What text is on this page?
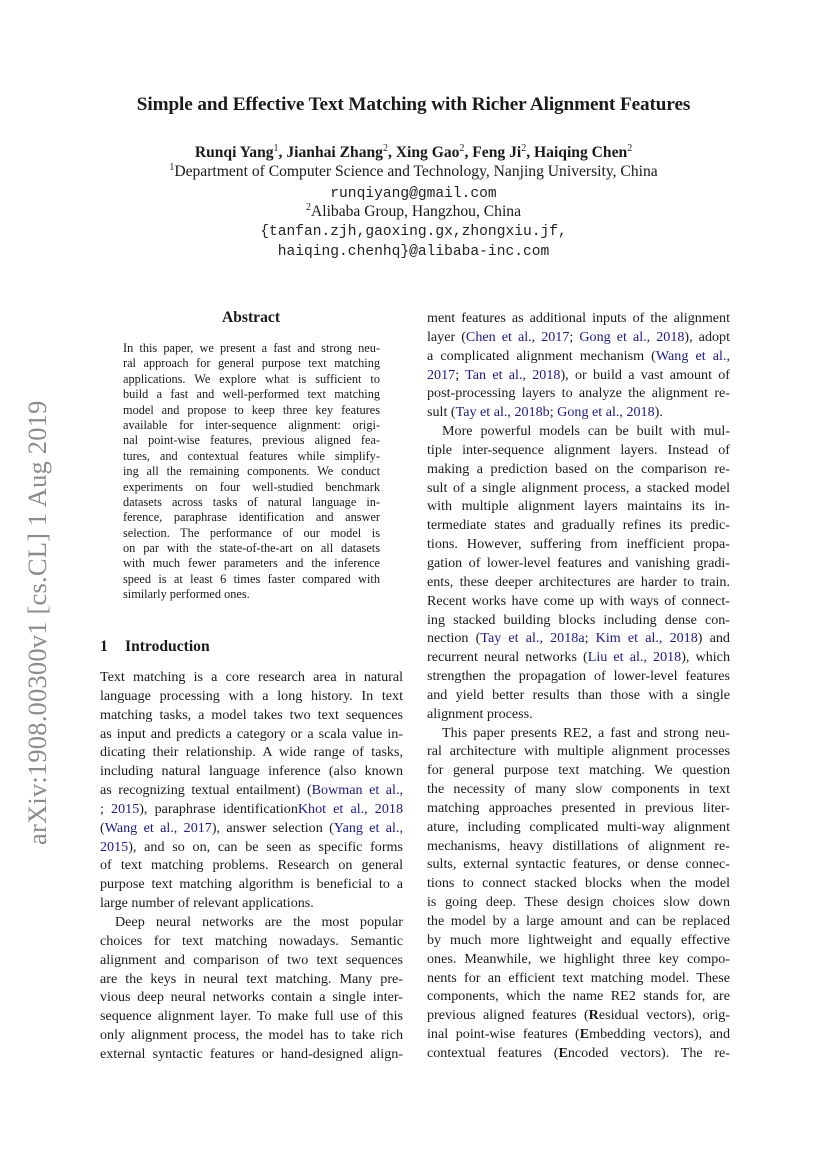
arXiv:1908.00300v1 [cs.CL] 1 Aug 2019
Simple and Effective Text Matching with Richer Alignment Features
Runqi Yang$^1$, Jianhai Zhang$^2$, Xing Gao$^2$, Feng Ji$^2$, Haiqing Chen$^2$
$^1$Department of Computer Science and Technology, Nanjing University, China
runqiyang@gmail.com
$^2$Alibaba Group, Hangzhou, China
{tanfan.zjh,gaoxing.gx,zhongxiu.jf,
haiqing.chenhq}@alibaba-inc.com
Abstract
In this paper, we present a fast and strong neu-
ral approach for general purpose text matching
applications. We explore what is sufficient to
build a fast and well-performed text matching
model and propose to keep three key features
available for inter-sequence alignment: origi-
nal point-wise features, previous aligned fea-
tures, and contextual features while simplify-
ing all the remaining components. We conduct
experiments on four well-studied benchmark
datasets across tasks of natural language in-
ference, paraphrase identification and answer
selection. The performance of our model is
on par with the state-of-the-art on all datasets
with much fewer parameters and the inference
speed is at least 6 times faster compared with
similarly performed ones.
1 Introduction
Text matching is a core research area in natural
language processing with a long history. In text
matching tasks, a model takes two text sequences
as input and predicts a category or a scala value in-
dicating their relationship. A wide range of tasks,
including natural language inference (also known
as recognizing textual entailment) (Bowman et al.,
; 2015), paraphrase identificationKhot et al., 2018
(Wang et al., 2017), answer selection (Yang et al.,
2015), and so on, can be seen as specific forms
of text matching problems. Research on general
purpose text matching algorithm is beneficial to a
large number of relevant applications.
Deep neural networks are the most popular
choices for text matching nowadays. Semantic
alignment and comparison of two text sequences
are the keys in neural text matching. Many pre-
vious deep neural networks contain a single inter-
sequence alignment layer. To make full use of this
only alignment process, the model has to take rich
external syntactic features or hand-designed align-
ment features as additional inputs of the alignment
layer (Chen et al., 2017; Gong et al., 2018), adopt
a complicated alignment mechanism (Wang et al.,
2017; Tan et al., 2018), or build a vast amount of
post-processing layers to analyze the alignment re-
sult (Tay et al., 2018b; Gong et al., 2018).
More powerful models can be built with mul-
tiple inter-sequence alignment layers. Instead of
making a prediction based on the comparison re-
sult of a single alignment process, a stacked model
with multiple alignment layers maintains its in-
termediate states and gradually refines its predic-
tions. However, suffering from inefficient propa-
gation of lower-level features and vanishing gradi-
ents, these deeper architectures are harder to train.
Recent works have come up with ways of connect-
ing stacked building blocks including dense con-
nection (Tay et al., 2018a; Kim et al., 2018) and
recurrent neural networks (Liu et al., 2018), which
strengthen the propagation of lower-level features
and yield better results than those with a single
alignment process.
This paper presents RE2, a fast and strong neu-
ral architecture with multiple alignment processes
for general purpose text matching. We question
the necessity of many slow components in text
matching approaches presented in previous liter-
ature, including complicated multi-way alignment
mechanisms, heavy distillations of alignment re-
sults, external syntactic features, or dense connec-
tions to connect stacked blocks when the model
is going deep. These design choices slow down
the model by a large amount and can be replaced
by much more lightweight and equally effective
ones. Meanwhile, we highlight three key compo-
nents for an efficient text matching model. These
components, which the name RE2 stands for, are
previous aligned features (Residual vectors), orig-
inal point-wise features (Embedding vectors), and
contextual features (Encoded vectors). The re-
